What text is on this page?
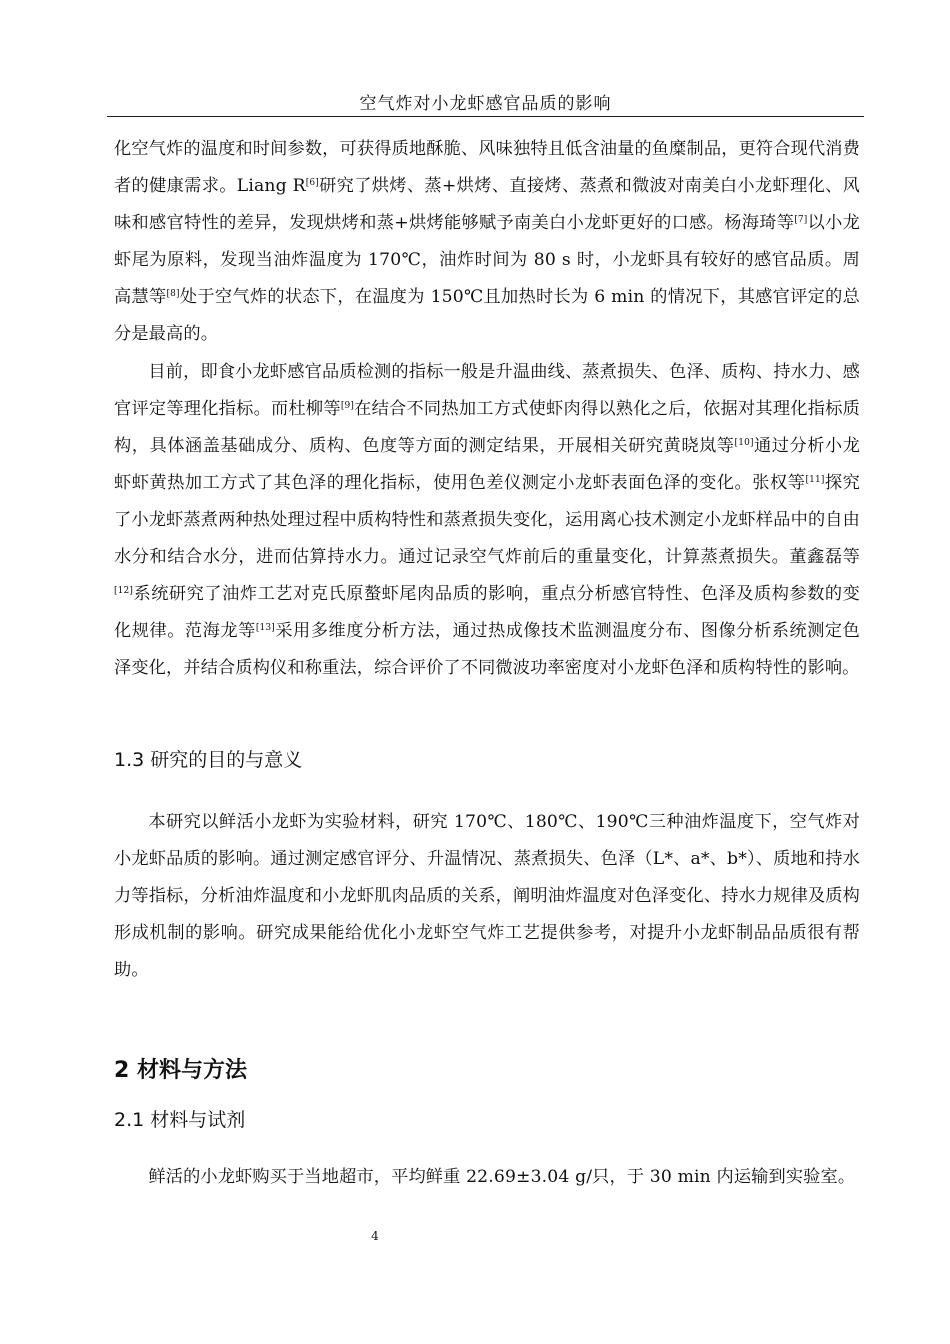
空气炸对小龙虾感官品质的影响
化空气炸的温度和时间参数，可获得质地酥脆、风味独特且低含油量的鱼糜制品，更符合现代消费者的健康需求。Liang R[6]研究了烘烤、蒸+烘烤、直接烤、蒸煮和微波对南美白小龙虾理化、风味和感官特性的差异，发现烘烤和蒸+烘烤能够赋予南美白小龙虾更好的口感。杨海琦等[7]以小龙虾尾为原料，发现当油炸温度为 170℃，油炸时间为 80 s 时，小龙虾具有较好的感官品质。周高慧等[8]处于空气炸的状态下，在温度为 150℃且加热时长为 6 min 的情况下，其感官评定的总分是最高的。
目前，即食小龙虾感官品质检测的指标一般是升温曲线、蒸煮损失、色泽、质构、持水力、感官评定等理化指标。而杜柳等[9]在结合不同热加工方式使虾肉得以熟化之后，依据对其理化指标质构，具体涵盖基础成分、质构、色度等方面的测定结果，开展相关研究黄晓岚等[10]通过分析小龙虾虾黄热加工方式了其色泽的理化指标，使用色差仪测定小龙虾表面色泽的变化。张权等[11]探究了小龙虾蒸煮两种热处理过程中质构特性和蒸煮损失变化，运用离心技术测定小龙虾样品中的自由水分和结合水分，进而估算持水力。通过记录空气炸前后的重量变化，计算蒸煮损失。董鑫磊等[12]系统研究了油炸工艺对克氏原螯虾尾肉品质的影响，重点分析感官特性、色泽及质构参数的变化规律。范海龙等[13]采用多维度分析方法，通过热成像技术监测温度分布、图像分析系统测定色泽变化，并结合质构仪和称重法，综合评价了不同微波功率密度对小龙虾色泽和质构特性的影响。
1.3 研究的目的与意义
本研究以鲜活小龙虾为实验材料，研究 170℃、180℃、190℃三种油炸温度下，空气炸对小龙虾品质的影响。通过测定感官评分、升温情况、蒸煮损失、色泽（L*、a*、b*）、质地和持水力等指标，分析油炸温度和小龙虾肌肉品质的关系，阐明油炸温度对色泽变化、持水力规律及质构形成机制的影响。研究成果能给优化小龙虾空气炸工艺提供参考，对提升小龙虾制品品质很有帮助。
2 材料与方法
2.1 材料与试剂
鲜活的小龙虾购买于当地超市，平均鲜重 22.69±3.04 g/只，于 30 min 内运输到实验室。
4
